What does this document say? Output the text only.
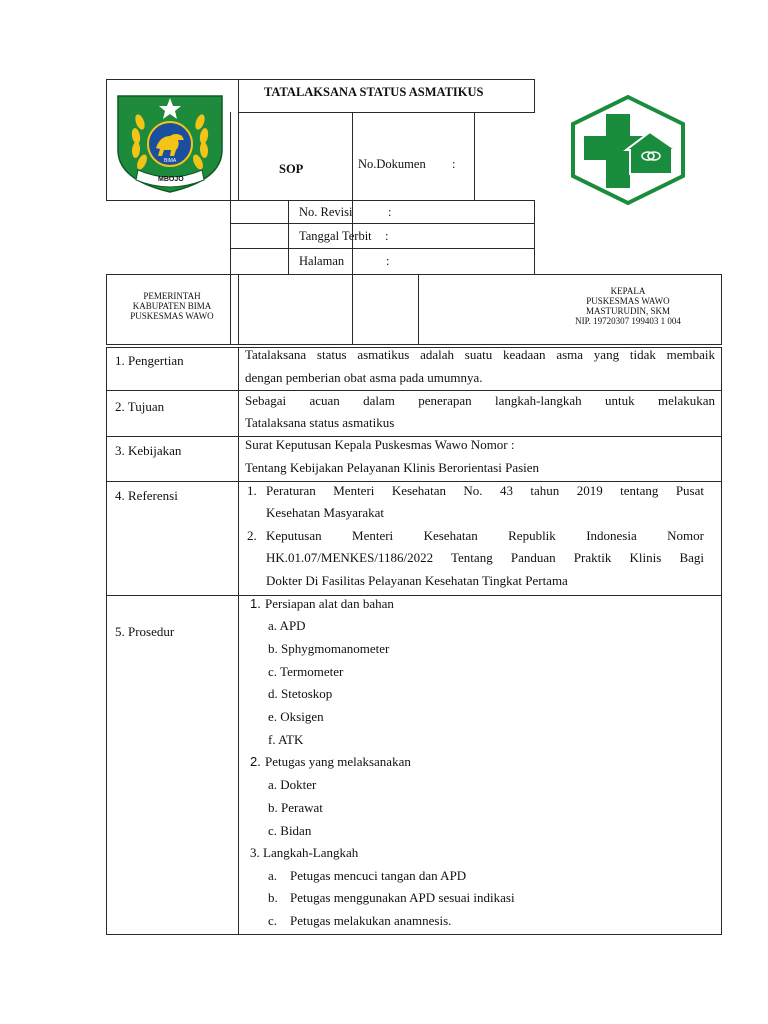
BIMA
MBOJO
TATALAKSANA STATUS ASMATIKUS
SOP	No.Dokumen :
No. Revisi	:
Tanggal Terbit :
Halaman	:
PEMERINTAH
KABUPATEN BIMA
PUSKESMAS WAWO
KEPALA
PUSKESMAS WAWO
MASTURUDIN, SKM
NIP. 19720307 199403 1 004
1. Pengertian	Tatalaksana status asmatikus adalah suatu keadaan asma yang tidak membaik
dengan pemberian obat asma pada umumnya.
2. Tujuan	Sebagai acuan dalam penerapan langkah-langkah untuk melakukan
Tatalaksana status asmatikus
3. Kebijakan	Surat Keputusan Kepala Puskesmas Wawo Nomor :
Tentang Kebijakan Pelayanan Klinis Berorientasi Pasien
4. Referensi	1. Peraturan Menteri Kesehatan No. 43 tahun 2019 tentang Pusat
Kesehatan Masyarakat
2. Keputusan Menteri Kesehatan Republik Indonesia Nomor
HK.01.07/MENKES/1186/2022 Tentang Panduan Praktik Klinis Bagi
Dokter Di Fasilitas Pelayanan Kesehatan Tingkat Pertama
5. Prosedur
1. Persiapan alat dan bahan
a. APD
b. Sphygmomanometer
c. Termometer
d. Stetoskop
e. Oksigen
f. ATK
2. Petugas yang melaksanakan
a. Dokter
b. Perawat
c. Bidan
3. Langkah-Langkah
a. Petugas mencuci tangan dan APD
b. Petugas menggunakan APD sesuai indikasi
c. Petugas melakukan anamnesis.
